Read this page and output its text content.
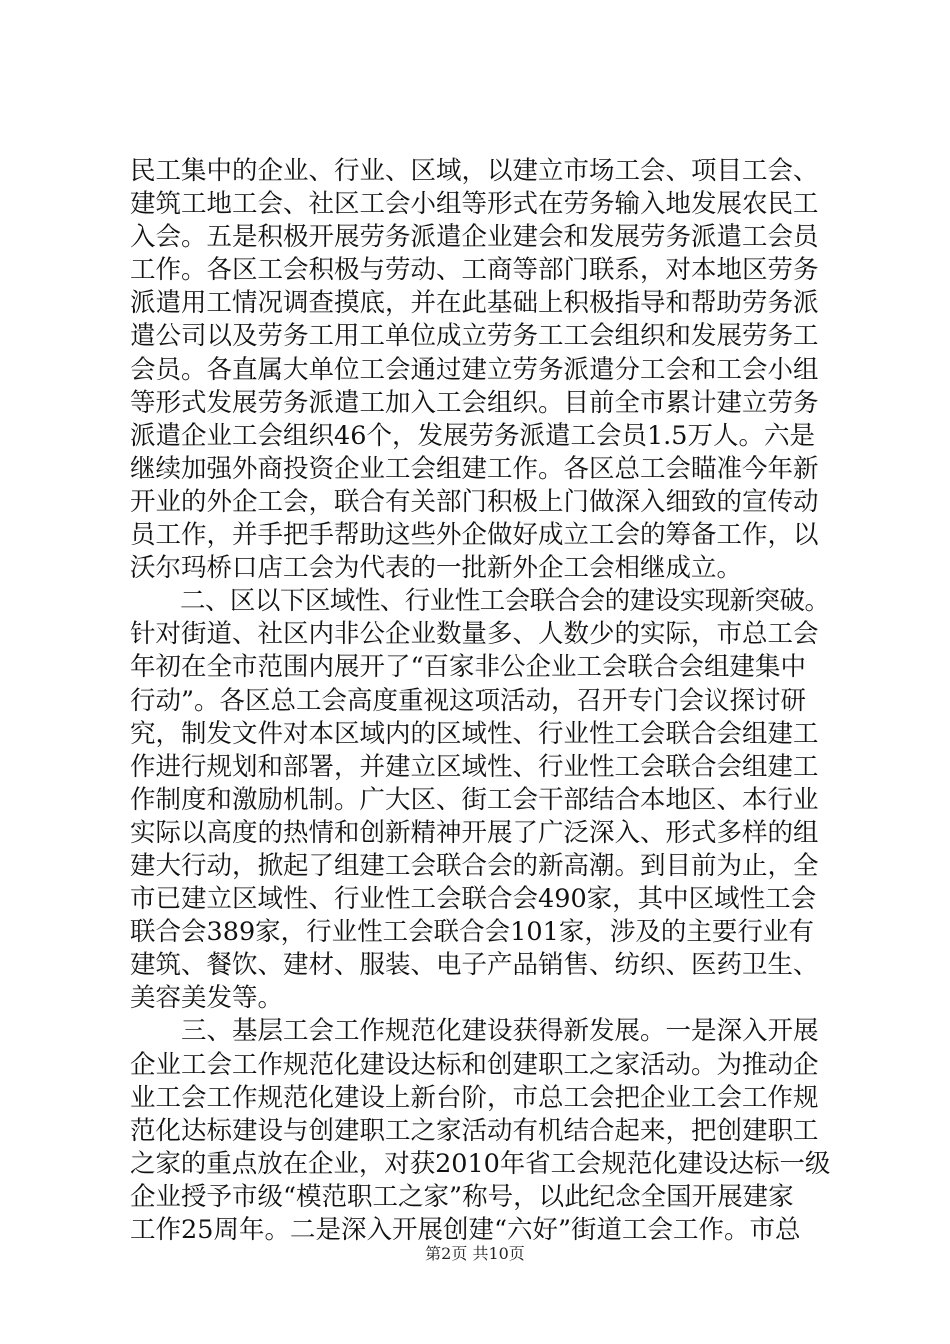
民工集中的企业、行业、区域，以建立市场工会、项目工会、
建筑工地工会、社区工会小组等形式在劳务输入地发展农民工
入会。五是积极开展劳务派遣企业建会和发展劳务派遣工会员
工作。各区工会积极与劳动、工商等部门联系，对本地区劳务
派遣用工情况调查摸底，并在此基础上积极指导和帮助劳务派
遣公司以及劳务工用工单位成立劳务工工会组织和发展劳务工
会员。各直属大单位工会通过建立劳务派遣分工会和工会小组
等形式发展劳务派遣工加入工会组织。目前全市累计建立劳务
派遣企业工会组织46个，发展劳务派遣工会员1.5万人。六是
继续加强外商投资企业工会组建工作。各区总工会瞄准今年新
开业的外企工会，联合有关部门积极上门做深入细致的宣传动
员工作，并手把手帮助这些外企做好成立工会的筹备工作，以
沃尔玛桥口店工会为代表的一批新外企工会相继成立。
　　二、区以下区域性、行业性工会联合会的建设实现新突破。
针对街道、社区内非公企业数量多、人数少的实际，市总工会
年初在全市范围内展开了“百家非公企业工会联合会组建集中
行动”。各区总工会高度重视这项活动，召开专门会议探讨研
究，制发文件对本区域内的区域性、行业性工会联合会组建工
作进行规划和部署，并建立区域性、行业性工会联合会组建工
作制度和激励机制。广大区、街工会干部结合本地区、本行业
实际以高度的热情和创新精神开展了广泛深入、形式多样的组
建大行动，掀起了组建工会联合会的新高潮。到目前为止，全
市已建立区域性、行业性工会联合会490家，其中区域性工会
联合会389家，行业性工会联合会101家，涉及的主要行业有
建筑、餐饮、建材、服装、电子产品销售、纺织、医药卫生、
美容美发等。
　　三、基层工会工作规范化建设获得新发展。一是深入开展
企业工会工作规范化建设达标和创建职工之家活动。为推动企
业工会工作规范化建设上新台阶，市总工会把企业工会工作规
范化达标建设与创建职工之家活动有机结合起来，把创建职工
之家的重点放在企业，对获2010年省工会规范化建设达标一级
企业授予市级“模范职工之家”称号，以此纪念全国开展建家
工作25周年。二是深入开展创建“六好”街道工会工作。市总
第2页 共10页
